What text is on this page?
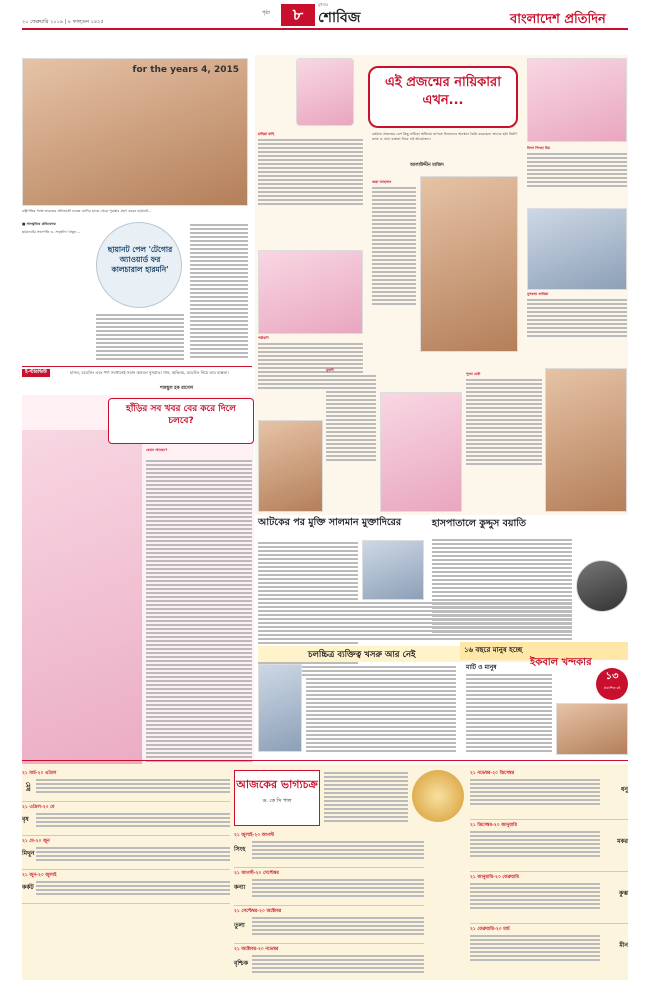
বুধবার
২০ ফেব্রুয়ারি ২০১৯ | ৮ ফাল্গুন ১৪২৫
পৃষ্ঠা	৮	শোবিজ	বাংলাদেশ প্রতিদিন
for the years 4, 2015
রাষ্ট্রপতির পক্ষে ভারতের প্রধানমন্ত্রী নরেন্দ্র মোদির হাতে থেকে পুরস্কার গ্রহণ করেন ছায়ানট...
■ সাংস্কৃতিক প্রতিবেদক
ছায়ানটের সভাপতি ড. সন্জীদা খাতুন...
ছায়ানট পেল 'টেগোর অ্যাওয়ার্ড ফর কালচারাল হারমনি'
এই প্রজন্মের নায়িকারা এখন...
মাহিয়া মাহি	বর্তমান প্রজন্মের বেশ কিছু নায়িকা অভিনয় জগতে নিজেদের অবস্থান তৈরি করেছেন। তাদের ছবি নির্মাণ কাজ ও নানা ব্যস্ততা নিয়ে এই আয়োজন।
আলাউদ্দীন মাজিদ
জয়া আহসান
বিদ্যা সিনহা মিম
পরীমণি
নুসরাত ফারিয়া
বুবলী
পূজা চেরী
ই-ন্টারভিউ	হাসল, মডেলিং এবং পর্দা সবখানেই সমান ঝলমল নুসরাত। গান, অভিনয়, মডেলিং নিয়ে তার ব্যস্ততা।
শামছুল হক রাসেল
হাঁড়ির সব খবর বের করে দিলে চলবে?
কেমন আছেন?
আটকের পর মুক্তি সালমান মুক্তাদিরের	হাসপাতালে কুদ্দুস বয়াতি
চলচ্চিত্র ব্যক্তিত্ব খসরু আর নেই	১৬ বছরে মানুষ হচ্ছে
মাটি ও মানুষ	ইকবাল খন্দকার
১৩
প্রকাশিত বই
আজকের ভাগ্যচক্র
ড. কে সি পাল
২১ মার্চ-২০ এপ্রিল
মেষ
২১ এপ্রিল-২০ মে
বৃষ
২১ মে-২০ জুন
মিথুন
২১ জুন-২০ জুলাই
কর্কট
২১ জুলাই-২০ আগস্ট
সিংহ
২১ আগস্ট-২০ সেপ্টেম্বর
কন্যা
২১ সেপ্টেম্বর-২০ অক্টোবর
তুলা
২১ অক্টোবর-২০ নভেম্বর
বৃশ্চিক
২১ নভেম্বর-২০ ডিসেম্বর
ধনু
২১ ডিসেম্বর-২০ জানুয়ারি
মকর
২১ জানুয়ারি-২০ ফেব্রুয়ারি
কুম্ভ
২১ ফেব্রুয়ারি-২০ মার্চ
মীন
